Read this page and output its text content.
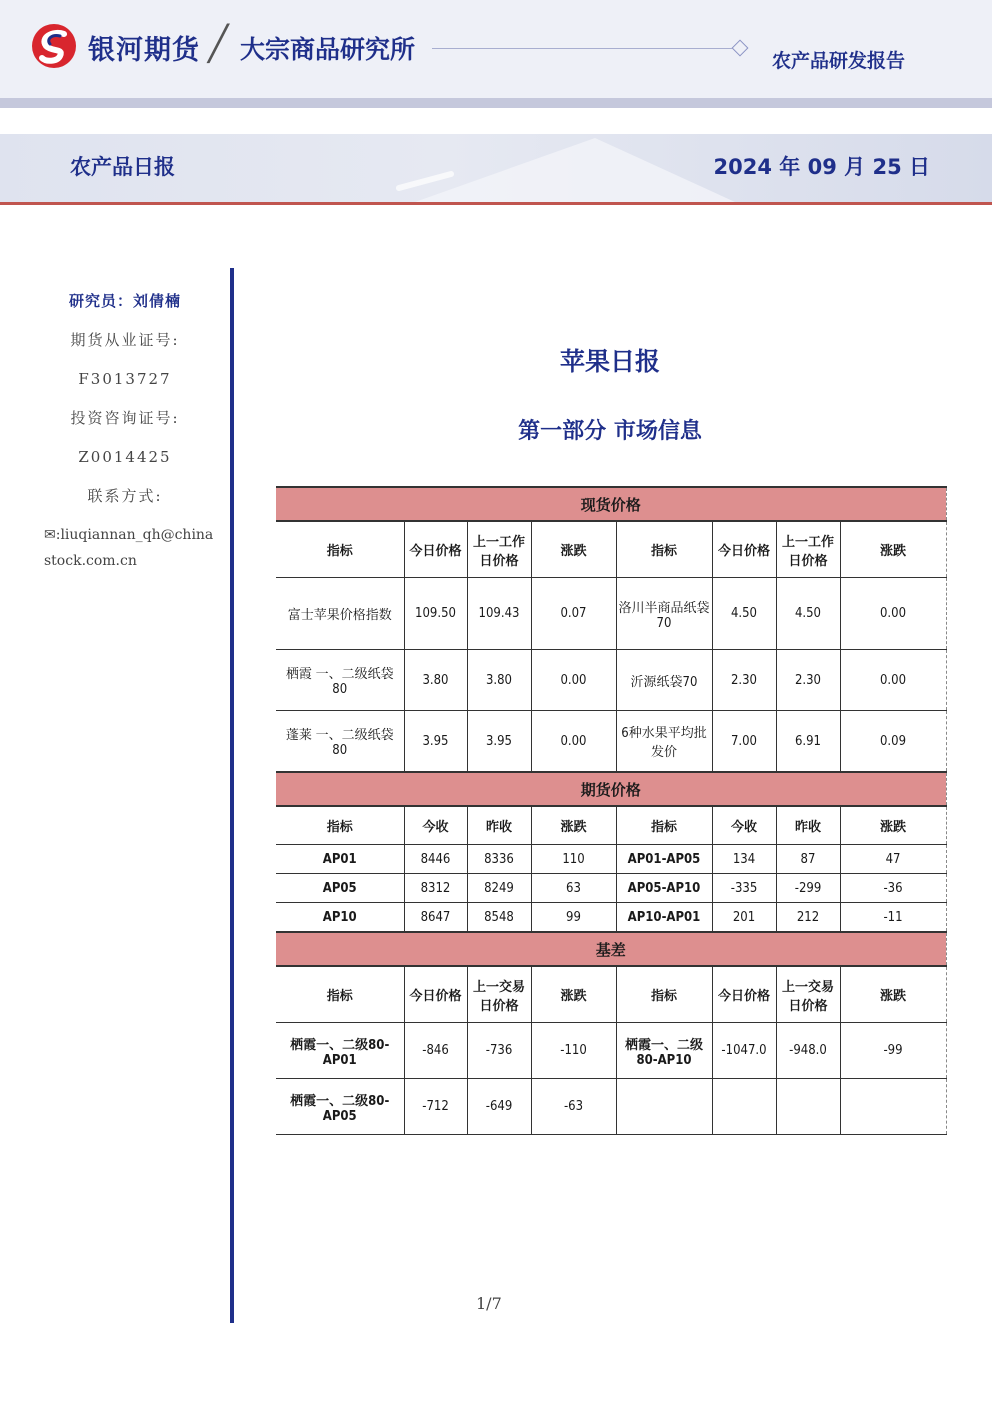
银河期货 ╱ 大宗商品研究所	农产品研发报告
农产品日报	2024 年 09 月 25 日
研究员：刘倩楠
期货从业证号:
F3013727
投资咨询证号:
Z0014425
联系方式:
✉:liuqiannan_qh@chinastock.com.cn
苹果日报
第一部分 市场信息
现货价格							
指标	今日价格	上一工作日价格	涨跌	指标	今日价格	上一工作日价格	涨跌
富士苹果价格指数	109.50	109.43	0.07	洛川半商品纸袋70	4.50	4.50	0.00
栖霞 一、二级纸袋 80	3.80	3.80	0.00	沂源纸袋70	2.30	2.30	0.00
蓬莱 一、二级纸袋 80	3.95	3.95	0.00	6种水果平均批发价	7.00	6.91	0.09
期货价格							
指标	今收	昨收	涨跌	指标	今收	昨收	涨跌
AP01	8446	8336	110	AP01-AP05	134	87	47
AP05	8312	8249	63	AP05-AP10	-335	-299	-36
AP10	8647	8548	99	AP10-AP01	201	212	-11
基差							
指标	今日价格	上一交易日价格	涨跌	指标	今日价格	上一交易日价格	涨跌
栖霞一、二级80-AP01	-846	-736	-110	栖霞一、二级80-AP10	-1047.0	-948.0	-99
栖霞一、二级80-AP05	-712	-649	-63				
1/7
